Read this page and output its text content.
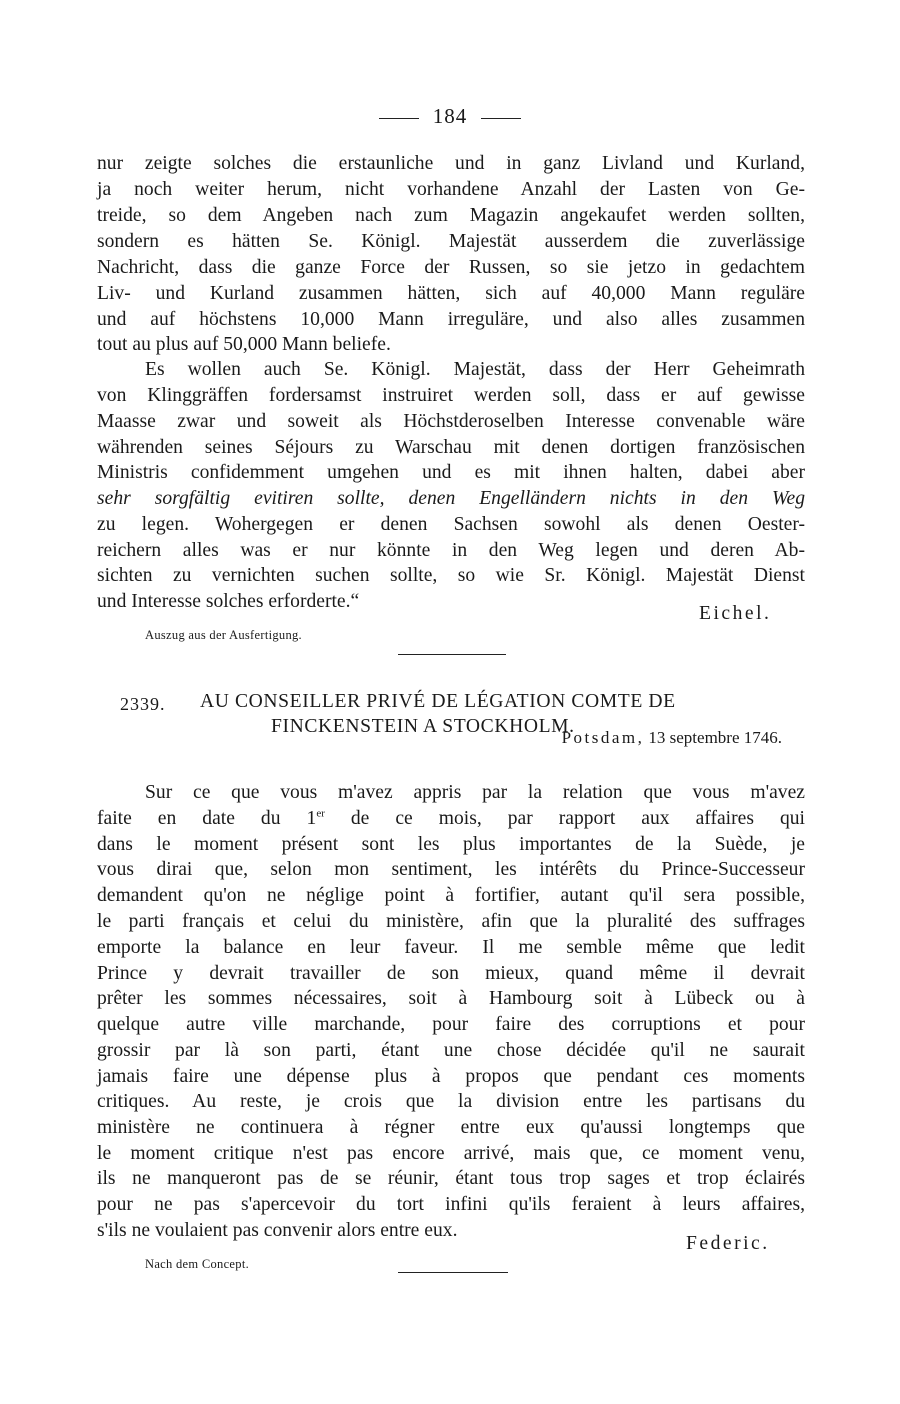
184
nur zeigte solches die erstaunliche und in ganz Livland und Kurland,
ja noch weiter herum, nicht vorhandene Anzahl der Lasten von Ge-
treide, so dem Angeben nach zum Magazin angekaufet werden sollten,
sondern es hätten Se. Königl. Majestät ausserdem die zuverlässige
Nachricht, dass die ganze Force der Russen, so sie jetzo in gedachtem
Liv- und Kurland zusammen hätten, sich auf 40,000 Mann reguläre
und auf höchstens 10,000 Mann irreguläre, und also alles zusammen
tout au plus auf 50,000 Mann beliefe.
Es wollen auch Se. Königl. Majestät, dass der Herr Geheimrath
von Klinggräffen fordersamst instruiret werden soll, dass er auf gewisse
Maasse zwar und soweit als Höchstderoselben Interesse convenable wäre
währenden seines Séjours zu Warschau mit denen dortigen französischen
Ministris confidemment umgehen und es mit ihnen halten, dabei aber
sehr sorgfältig evitiren sollte, denen Engelländern nichts in den Weg
zu legen. Wohergegen er denen Sachsen sowohl als denen Oester-
reichern alles was er nur könnte in den Weg legen und deren Ab-
sichten zu vernichten suchen sollte, so wie Sr. Königl. Majestät Dienst
und Interesse solches erforderte.“
Eichel.
Auszug aus der Ausfertigung.
2339. AU CONSEILLER PRIVÉ DE LÉGATION COMTE DE
FINCKENSTEIN A STOCKHOLM.
Potsdam, 13 septembre 1746.
Sur ce que vous m'avez appris par la relation que vous m'avez
faite en date du 1er de ce mois, par rapport aux affaires qui
dans le moment présent sont les plus importantes de la Suède, je
vous dirai que, selon mon sentiment, les intérêts du Prince-Successeur
demandent qu'on ne néglige point à fortifier, autant qu'il sera possible,
le parti français et celui du ministère, afin que la pluralité des suffrages
emporte la balance en leur faveur. Il me semble même que ledit
Prince y devrait travailler de son mieux, quand même il devrait
prêter les sommes nécessaires, soit à Hambourg soit à Lübeck ou à
quelque autre ville marchande, pour faire des corruptions et pour
grossir par là son parti, étant une chose décidée qu'il ne saurait
jamais faire une dépense plus à propos que pendant ces moments
critiques. Au reste, je crois que la division entre les partisans du
ministère ne continuera à régner entre eux qu'aussi longtemps que
le moment critique n'est pas encore arrivé, mais que, ce moment venu,
ils ne manqueront pas de se réunir, étant tous trop sages et trop éclairés
pour ne pas s'apercevoir du tort infini qu'ils feraient à leurs affaires,
s'ils ne voulaient pas convenir alors entre eux.
Federic.
Nach dem Concept.
